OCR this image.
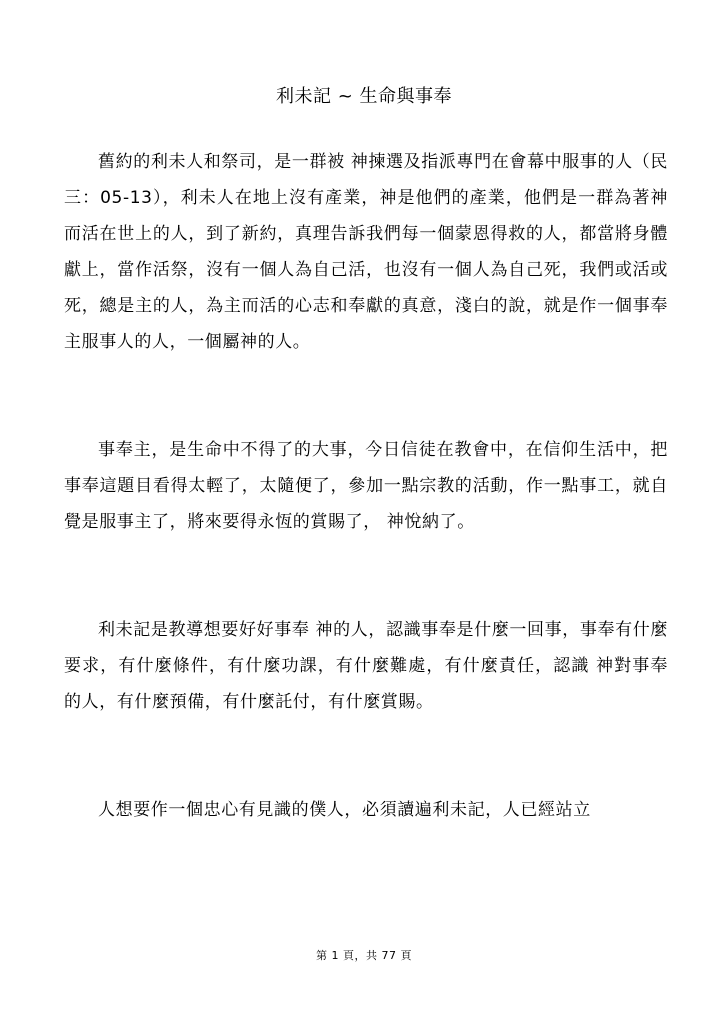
利未記 ~ 生命與事奉

舊約的利未人和祭司，是一群被 神揀選及指派專門在會幕中服事的人（民三：05-13），利未人在地上沒有產業，神是他們的產業，他們是一群為著神而活在世上的人，到了新約，真理告訴我們每一個蒙恩得救的人，都當將身體獻上，當作活祭，沒有一個人為自己活，也沒有一個人為自己死，我們或活或死，總是主的人，為主而活的心志和奉獻的真意，淺白的說，就是作一個事奉主服事人的人，一個屬神的人。

事奉主，是生命中不得了的大事，今日信徒在教會中，在信仰生活中，把事奉這題目看得太輕了，太隨便了，參加一點宗教的活動，作一點事工，就自覺是服事主了，將來要得永恆的賞賜了， 神悅納了。

利未記是教導想要好好事奉 神的人，認識事奉是什麼一回事，事奉有什麼要求，有什麼條件，有什麼功課，有什麼難處，有什麼責任，認識 神對事奉的人，有什麼預備，有什麼託付，有什麼賞賜。

人想要作一個忠心有見識的僕人，必須讀遍利未記，人已經站立

第 1 頁，共 77 頁
